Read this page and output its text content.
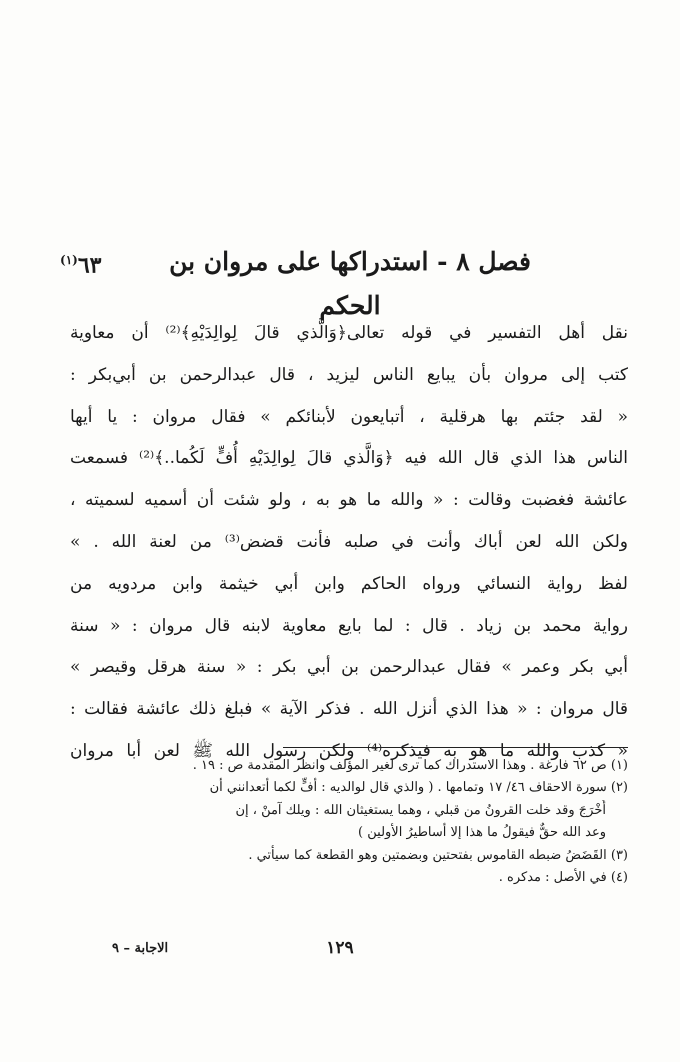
فصل ٨ - استدراكها على مروان بن الحكم
$^{(١)}$٦٣
نقل أهل التفسير في قوله تعالى﴿وَالَّذي قالَ لِوالِدَيْهِ﴾⁽²⁾ أن معاوية
كتب إلى مروان بأن يبايع الناس ليزيد ، قال عبدالرحمن بن أبي‌بكر :
« لقد جئتم بها هرقلية ، أتبايعون لأبنائكم » فقال مروان : يا أيها
الناس هذا الذي قال الله فيه ﴿وَالَّذي قالَ لِوالِدَيْهِ أُفٍّ لَكُما..﴾⁽²⁾ فسمعت
عائشة فغضبت وقالت : « والله ما هو به ، ولو شئت أن أسميه لسميته ،
ولكن الله لعن أباك وأنت في صلبه فأنت قضض⁽³⁾ من لعنة الله . »
لفظ رواية النسائي ورواه الحاكم وابن أبي خيثمة وابن مردويه من
رواية محمد بن زياد . قال : لما بايع معاوية لابنه قال مروان : « سنة
أبي بكر وعمر » فقال عبدالرحمن بن أبي بكر : « سنة هرقل وقيصر »
قال مروان : « هذا الذي أنزل الله . فذكر الآية » فبلغ ذلك عائشة فقالت :
« كذب والله ما هو به فيذكره⁽⁴⁾ ولكن رسول الله ﷺ لعن أبا مروان
(١) ص ٦٢ فارغة . وهذا الاستدراك كما ترى لغير المؤلف وانظر المقدمة ص : ١٩ .
(٢) سورة الاحقاف ٤٦/ ١٧ وتمامها . ( والذي قال لوالديه : أفٍّ لكما أتعدانني أن
أُخْرَجَ وقد خلت القرونُ من قبلي ، وهما يستغيثان الله : ويلك آمنْ ، إن
وعد الله حقٌّ فيقولُ ما هذا إلا أساطيرُ الأولين )
(٣) القَضَضُ ضبطه القاموس بفتحتين وبضمتين وهو القطعة كما سيأتي .
(٤) في الأصل : مدكره .
١٢٩
الاجابة – ٩
